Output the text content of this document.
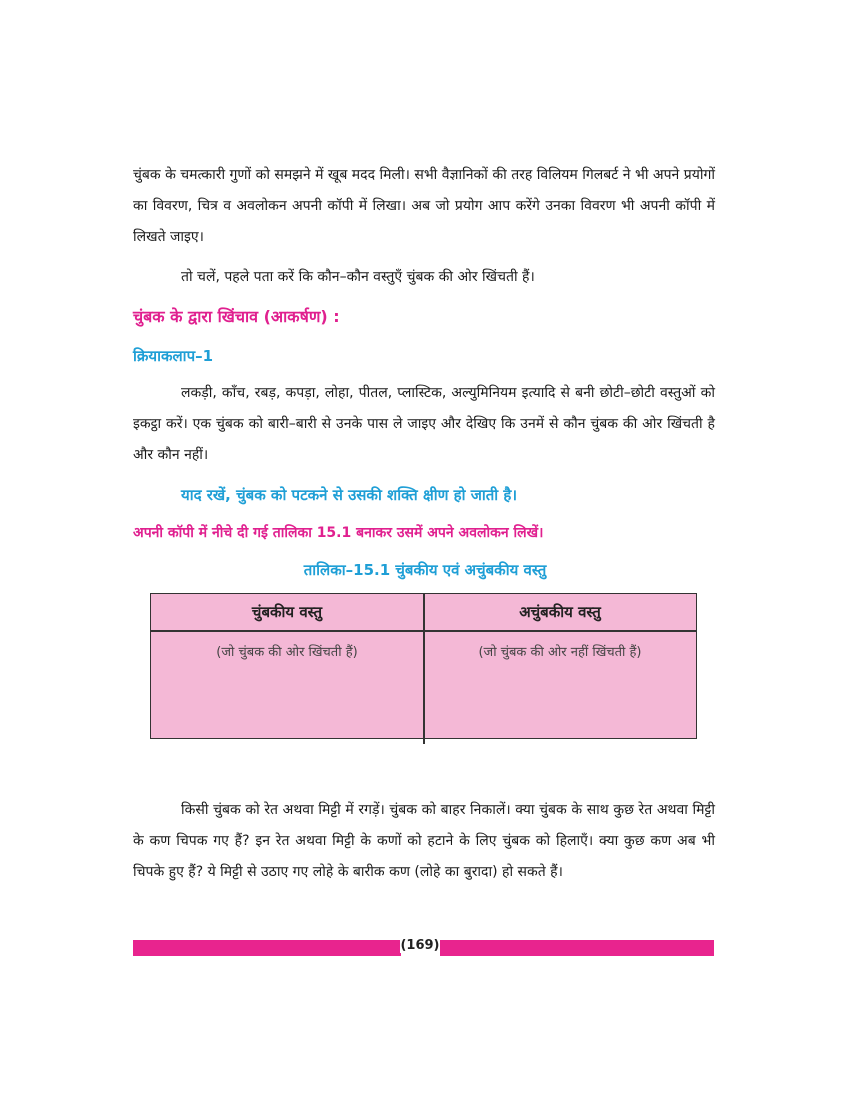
चुंबक के चमत्कारी गुणों को समझने में खूब मदद मिली। सभी वैज्ञानिकों की तरह विलियम गिलबर्ट ने भी अपने प्रयोगों का विवरण, चित्र व अवलोकन अपनी कॉपी में लिखा। अब जो प्रयोग आप करेंगे उनका विवरण भी अपनी कॉपी में लिखते जाइए।

तो चलें, पहले पता करें कि कौन–कौन वस्तुएँ चुंबक की ओर खिंचती हैं।

चुंबक के द्वारा खिंचाव (आकर्षण) :

क्रियाकलाप–1

लकड़ी, काँच, रबड़, कपड़ा, लोहा, पीतल, प्लास्टिक, अल्युमिनियम इत्यादि से बनी छोटी–छोटी वस्तुओं को इकट्ठा करें। एक चुंबक को बारी–बारी से उनके पास ले जाइए और देखिए कि उनमें से कौन चुंबक की ओर खिंचती है और कौन नहीं।

याद रखें, चुंबक को पटकने से उसकी शक्ति क्षीण हो जाती है।

अपनी कॉपी में नीचे दी गई तालिका 15.1 बनाकर उसमें अपने अवलोकन लिखें।

तालिका–15.1 चुंबकीय एवं अचुंबकीय वस्तु

चुंबकीय वस्तु	अचुंबकीय वस्तु
(जो चुंबक की ओर खिंचती हैं)	(जो चुंबक की ओर नहीं खिंचती हैं)

किसी चुंबक को रेत अथवा मिट्टी में रगड़ें। चुंबक को बाहर निकालें। क्या चुंबक के साथ कुछ रेत अथवा मिट्टी के कण चिपक गए हैं? इन रेत अथवा मिट्टी के कणों को हटाने के लिए चुंबक को हिलाएँ। क्या कुछ कण अब भी चिपके हुए हैं? ये मिट्टी से उठाए गए लोहे के बारीक कण (लोहे का बुरादा) हो सकते हैं।

(169)
